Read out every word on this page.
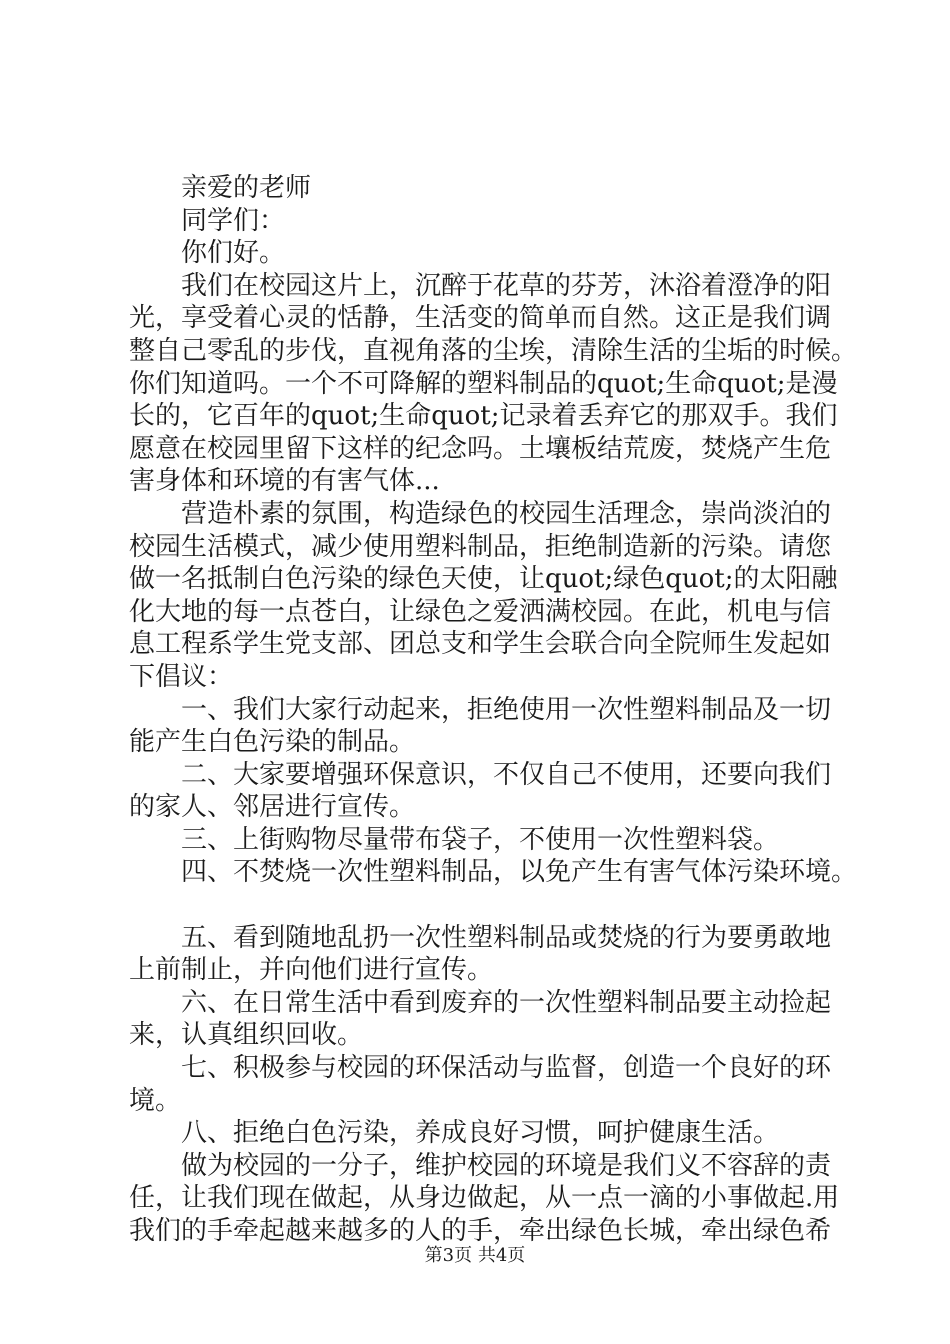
　　亲爱的老师
　　同学们：
　　你们好。
　　我们在校园这片上，沉醉于花草的芬芳，沐浴着澄净的阳
光，享受着心灵的恬静，生活变的简单而自然。这正是我们调
整自己零乱的步伐，直视角落的尘埃，清除生活的尘垢的时候。
你们知道吗。一个不可降解的塑料制品的quot;生命quot;是漫
长的，它百年的quot;生命quot;记录着丢弃它的那双手。我们
愿意在校园里留下这样的纪念吗。土壤板结荒废，焚烧产生危
害身体和环境的有害气体...
　　营造朴素的氛围，构造绿色的校园生活理念，崇尚淡泊的
校园生活模式，减少使用塑料制品，拒绝制造新的污染。请您
做一名抵制白色污染的绿色天使，让quot;绿色quot;的太阳融
化大地的每一点苍白，让绿色之爱洒满校园。在此，机电与信
息工程系学生党支部、团总支和学生会联合向全院师生发起如
下倡议：
　　一、我们大家行动起来，拒绝使用一次性塑料制品及一切
能产生白色污染的制品。
　　二、大家要增强环保意识，不仅自己不使用，还要向我们
的家人、邻居进行宣传。
　　三、上街购物尽量带布袋子，不使用一次性塑料袋。
　　四、不焚烧一次性塑料制品，以免产生有害气体污染环境。
　　五、看到随地乱扔一次性塑料制品或焚烧的行为要勇敢地
上前制止，并向他们进行宣传。
　　六、在日常生活中看到废弃的一次性塑料制品要主动捡起
来，认真组织回收。
　　七、积极参与校园的环保活动与监督，创造一个良好的环
境。
　　八、拒绝白色污染，养成良好习惯，呵护健康生活。
　　做为校园的一分子，维护校园的环境是我们义不容辞的责
任，让我们现在做起，从身边做起，从一点一滴的小事做起.用
我们的手牵起越来越多的人的手，牵出绿色长城，牵出绿色希
第3页 共4页
